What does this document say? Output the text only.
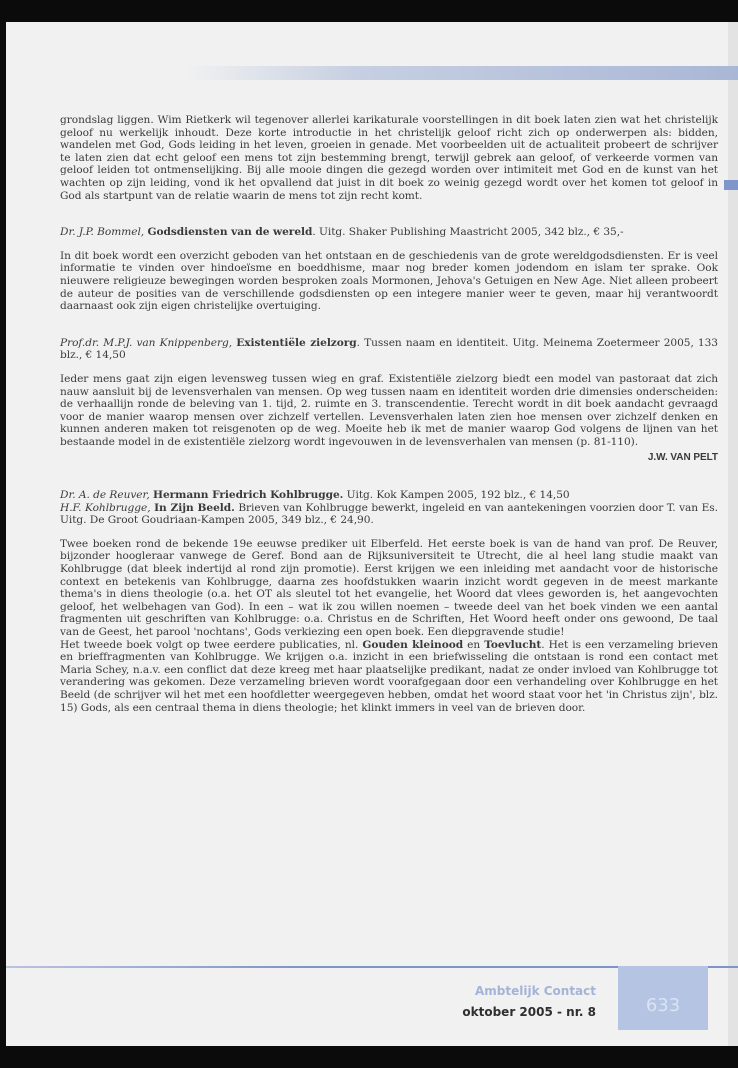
grondslag liggen. Wim Rietkerk wil tegenover allerlei karikaturale voorstellingen in dit boek laten zien wat het christelijk geloof nu werkelijk inhoudt. Deze korte introductie in het christelijk geloof richt zich op onderwerpen als: bidden, wandelen met God, Gods leiding in het leven, groeien in genade. Met voorbeelden uit de actualiteit probeert de schrijver te laten zien dat echt geloof een mens tot zijn bestemming brengt, terwijl gebrek aan geloof, of verkeerde vormen van geloof leiden tot ontmenselijking. Bij alle mooie dingen die gezegd worden over intimiteit met God en de kunst van het wachten op zijn leiding, vond ik het opvallend dat juist in dit boek zo weinig gezegd wordt over het komen tot geloof in God als startpunt van de relatie waarin de mens tot zijn recht komt.

Dr. J.P. Bommel, Godsdiensten van de wereld. Uitg. Shaker Publishing Maastricht 2005, 342 blz., € 35,-

In dit boek wordt een overzicht geboden van het ontstaan en de geschiedenis van de grote wereldgodsdiensten. Er is veel informatie te vinden over hindoeïsme en boeddhisme, maar nog breder komen jodendom en islam ter sprake. Ook nieuwere religieuze bewegingen worden besproken zoals Mormonen, Jehova's Getuigen en New Age. Niet alleen probeert de auteur de posities van de verschillende godsdiensten op een integere manier weer te geven, maar hij verantwoordt daarnaast ook zijn eigen christelijke overtuiging.

Prof.dr. M.P.J. van Knippenberg, Existentiële zielzorg. Tussen naam en identiteit. Uitg. Meinema Zoetermeer 2005, 133 blz., € 14,50

Ieder mens gaat zijn eigen levensweg tussen wieg en graf. Existentiële zielzorg biedt een model van pastoraat dat zich nauw aansluit bij de levensverhalen van mensen. Op weg tussen naam en identiteit worden drie dimensies onderscheiden: de verhaallijn ronde de beleving van 1. tijd, 2. ruimte en 3. transcendentie. Terecht wordt in dit boek aandacht gevraagd voor de manier waarop mensen over zichzelf vertellen. Levensverhalen laten zien hoe mensen over zichzelf denken en kunnen anderen maken tot reisgenoten op de weg. Moeite heb ik met de manier waarop God volgens de lijnen van het bestaande model in de existentiële zielzorg wordt ingevouwen in de levensverhalen van mensen (p. 81-110).

J.W. VAN PELT

Dr. A. de Reuver, Hermann Friedrich Kohlbrugge. Uitg. Kok Kampen 2005, 192 blz., € 14,50

H.F. Kohlbrugge, In Zijn Beeld. Brieven van Kohlbrugge bewerkt, ingeleid en van aantekeningen voorzien door T. van Es. Uitg. De Groot Goudriaan-Kampen 2005, 349 blz., € 24,90.

Twee boeken rond de bekende 19e eeuwse prediker uit Elberfeld. Het eerste boek is van de hand van prof. De Reuver, bijzonder hoogleraar vanwege de Geref. Bond aan de Rijksuniversiteit te Utrecht, die al heel lang studie maakt van Kohlbrugge (dat bleek indertijd al rond zijn promotie). Eerst krijgen we een inleiding met aandacht voor de historische context en betekenis van Kohlbrugge, daarna zes hoofdstukken waarin inzicht wordt gegeven in de meest markante thema's in diens theologie (o.a. het OT als sleutel tot het evangelie, het Woord dat vlees geworden is, het aangevochten geloof, het welbehagen van God). In een – wat ik zou willen noemen – tweede deel van het boek vinden we een aantal fragmenten uit geschriften van Kohlbrugge: o.a. Christus en de Schriften, Het Woord heeft onder ons gewoond, De taal van de Geest, het parool 'nochtans', Gods verkiezing een open boek. Een diepgravende studie!

Het tweede boek volgt op twee eerdere publicaties, nl. Gouden kleinood en Toevlucht. Het is een verzameling brieven en brieffragmenten van Kohlbrugge. We krijgen o.a. inzicht in een briefwisseling die ontstaan is rond een contact met Maria Schey, n.a.v. een conflict dat deze kreeg met haar plaatselijke predikant, nadat ze onder invloed van Kohlbrugge tot verandering was gekomen. Deze verzameling brieven wordt voorafgegaan door een verhandeling over Kohlbrugge en het Beeld (de schrijver wil het met een hoofdletter weergegeven hebben, omdat het woord staat voor het 'in Christus zijn', blz. 15) Gods, als een centraal thema in diens theologie; het klinkt immers in veel van de brieven door.

Ambtelijk Contact
oktober 2005 - nr. 8	633
